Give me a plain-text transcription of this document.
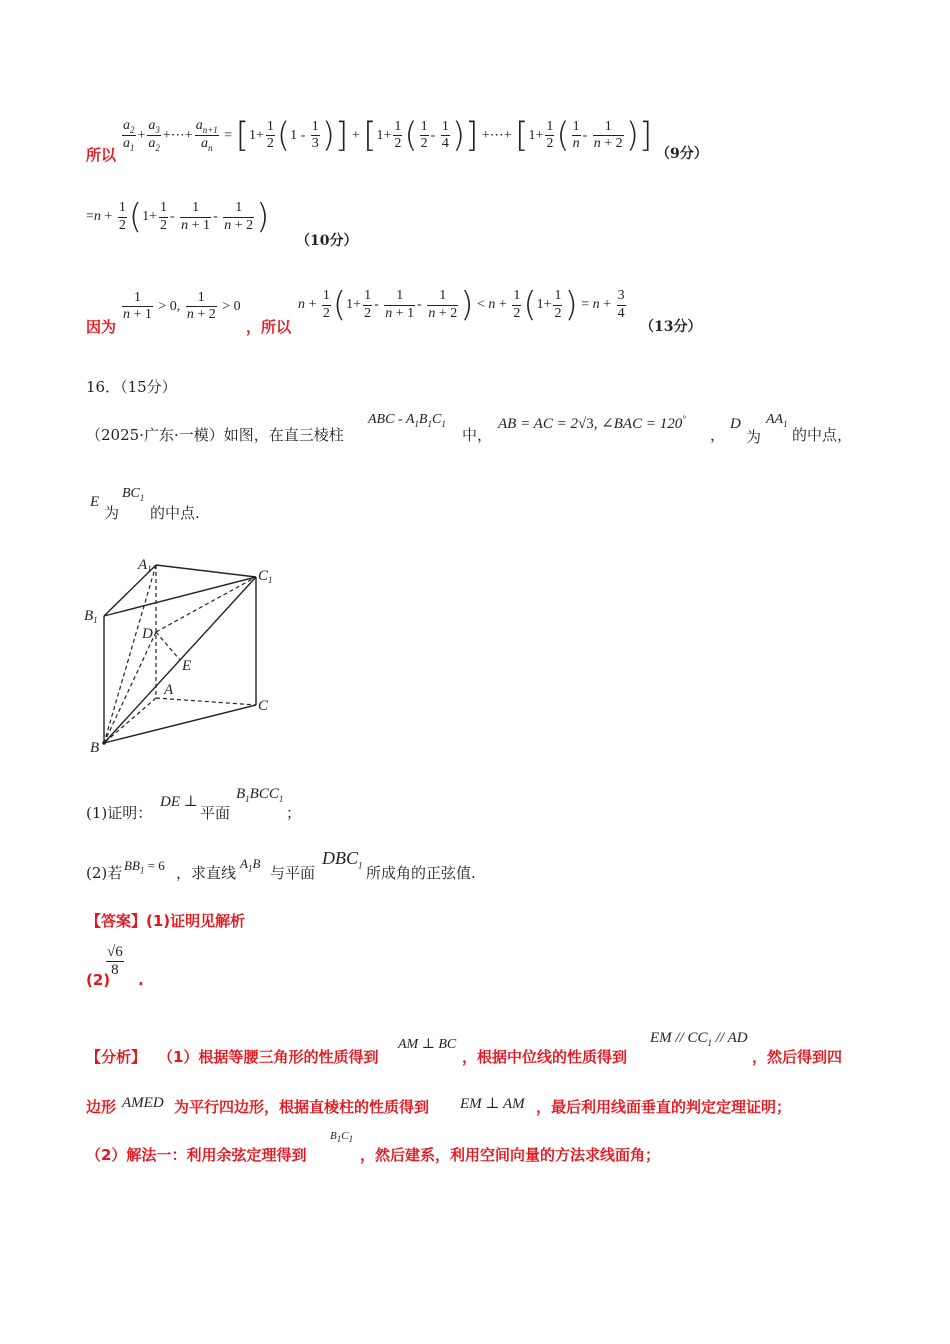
所以
$\frac{a_2}{a_1} + \frac{a_3}{a_2}$ +⋯+ $\frac{a_{n+1}}{a_n} = [1+ \frac{1}{2} (1 - \frac{1}{3}$ )] + [$1+ \frac{1}{2}$ ( $\frac{1}{2} - \frac{1}{4}$ )] +⋯+ [$1+ \frac{1}{2}$ ( $\frac{1}{n} - \frac{1}{n + 2}$ )] （9分）
$=n + \frac{1}{2} (1+ \frac{1}{2} - \frac{1}{n + 1} - \frac{1}{n + 2}$ )
（10分）
因为
$\frac{1}{n + 1} > 0$, $\frac{1}{n + 2} > 0$
，所以
$n + \frac{1}{2} (1+ \frac{1}{2} - \frac{1}{n + 1} - \frac{1}{n + 2}$ ) < $n + \frac{1}{2} (1+ \frac{1}{2}$ ) = $n + \frac{3}{4}$
（13分）
16．（15分）
（2025·广东·一模）如图，在直三棱柱
ABC - $A_1B_1C_1$
中，
AB = AC = 2√3, ∠BAC = 120°
，
D
为
$AA_1$
的中点，
E
为
$BC_1$
的中点.
$A_1$	$C_1$
$B_1$
D
E
A
C
B
(1)证明：
DE ⊥
平面
$B_1BCC_1$
；
(2)若 $BB_1 = 6$ ，求直线
$A_1B$
与平面
$DBC_1$ 所成角的正弦值.
【答案】(1)证明见解析
(2)
$\frac{√6}{8}$
.
【分析】 （1）根据等腰三角形的性质得到
AM ⊥ BC
，根据中位线的性质得到
EM // $CC_1$ // AD
，然后得到四
边形 AMED 为平行四边形，根据直棱柱的性质得到 EM ⊥ AM ，最后利用线面垂直的判定定理证明；
（2）解法一：利用余弦定理得到
$B_1C_1$
，然后建系，利用空间向量的方法求线面角；
